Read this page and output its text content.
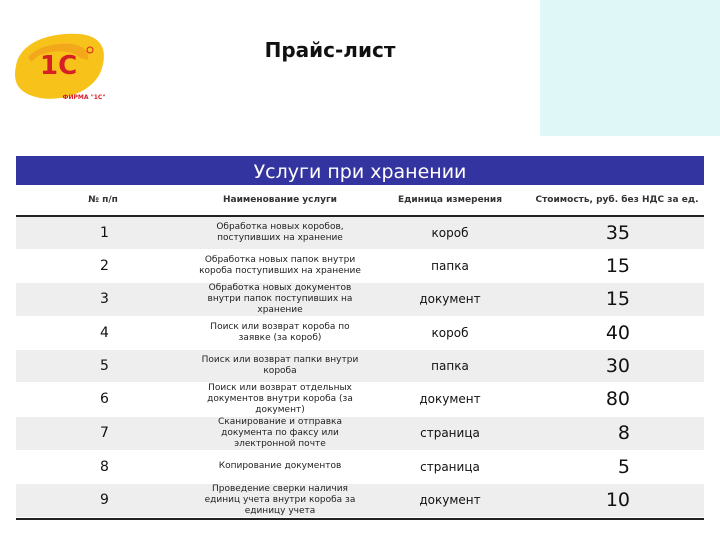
1С
ФИРМА "1С"
Прайс-лист
Услуги при хранении
№ п/п	Наименование услуги	Единица измерения	Стоимость, руб. без НДС за ед.
1	Обработка новых коробов, поступивших на хранение	короб	35
2	Обработка новых папок внутри короба поступивших на хранение	папка	15
3	Обработка новых документов внутри папок поступивших на хранение	документ	15
4	Поиск или возврат короба по заявке (за короб)	короб	40
5	Поиск или возврат папки внутри короба	папка	30
6	Поиск или возврат отдельных документов внутри короба (за документ)	документ	80
7	Сканирование и отправка документа по факсу или электронной почте	страница	8
8	Копирование документов	страница	5
9	Проведение сверки наличия единиц учета внутри короба за единицу учета	документ	10
